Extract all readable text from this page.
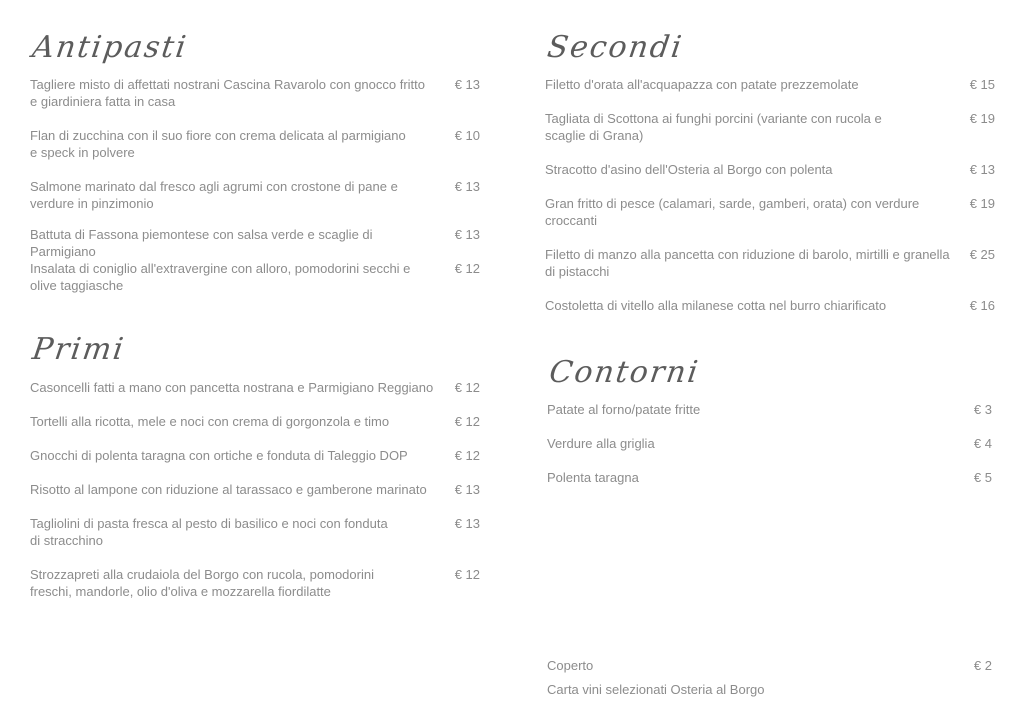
Antipasti
Tagliere misto di affettati nostrani Cascina Ravarolo con gnocco fritto e giardiniera fatta in casa
€ 13
Flan di zucchina con il suo fiore con crema delicata al parmigiano e speck in polvere
€ 10
Salmone marinato dal fresco agli agrumi con crostone di pane e verdure in pinzimonio
€ 13
Battuta di Fassona piemontese con salsa verde e scaglie di Parmigiano
€ 13
Insalata di coniglio all'extravergine con alloro, pomodorini secchi e olive taggiasche
€ 12
Primi
Casoncelli fatti a mano con pancetta nostrana e Parmigiano Reggiano € 12
Tortelli alla ricotta, mele e noci con crema di gorgonzola e timo	€ 12
Gnocchi di polenta taragna con ortiche e fonduta di Taleggio DOP	€ 12
Risotto al lampone con riduzione al tarassaco e gamberone marinato	€ 13
Tagliolini di pasta fresca al pesto di basilico e noci con fonduta di stracchino
€ 13
Strozzapreti alla crudaiola del Borgo con rucola, pomodorini freschi, mandorle, olio d'oliva e mozzarella fiordilatte
€ 12
Secondi
Filetto d'orata all'acquapazza con patate prezzemolate	€ 15
Tagliata di Scottona ai funghi porcini (variante con rucola e scaglie di Grana)
€ 19
Stracotto d'asino dell'Osteria al Borgo con polenta	€ 13
Gran fritto di pesce (calamari, sarde, gamberi, orata) con verdure croccanti
€ 19
Filetto di manzo alla pancetta con riduzione di barolo, mirtilli e granella di pistacchi
€ 25
Costoletta di vitello alla milanese cotta nel burro chiarificato	€ 16
Contorni
Patate al forno/patate fritte	€ 3
Verdure alla griglia	€ 4
Polenta taragna	€ 5
Coperto	€ 2
Carta vini selezionati Osteria al Borgo
